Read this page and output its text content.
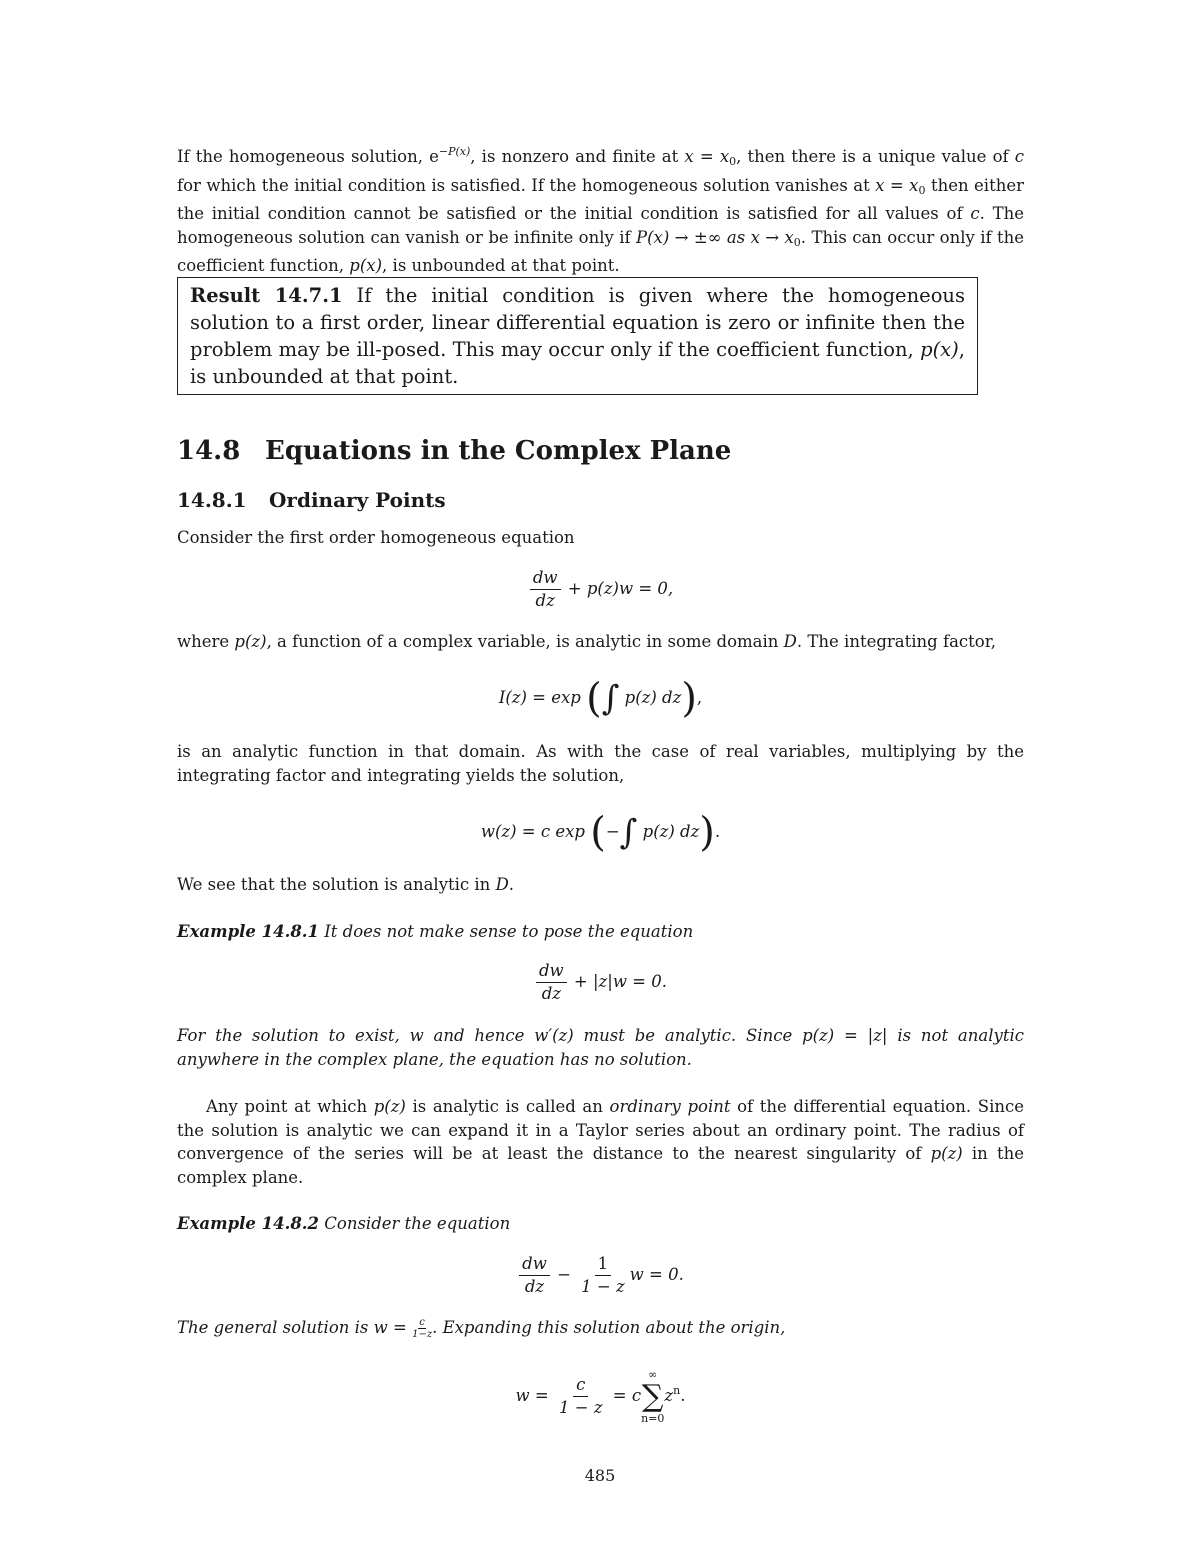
If the homogeneous solution, $e^{-P(x)}$, is nonzero and finite at $x = x_0$, then there is a unique value of c for which the initial condition is satisfied. If the homogeneous solution vanishes at $x = x_0$ then either the initial condition cannot be satisfied or the initial condition is satisfied for all values of c. The homogeneous solution can vanish or be infinite only if P(x) → ±∞ as $x \to x_0$. This can occur only if the coefficient function, p(x), is unbounded at that point.

Result 14.7.1 If the initial condition is given where the homogeneous solution to a first order, linear differential equation is zero or infinite then the problem may be ill-posed. This may occur only if the coefficient function, p(x), is unbounded at that point.
14.8 Equations in the Complex Plane
14.8.1 Ordinary Points

Consider the first order homogeneous equation

$\frac{dw}{dz} + p(z)w = 0$,

where p(z), a function of a complex variable, is analytic in some domain D. The integrating factor,

I(z) = exp (∫ p(z) dz),

is an analytic function in that domain. As with the case of real variables, multiplying by the integrating factor and integrating yields the solution,

w(z) = c exp (−∫ p(z) dz).

We see that the solution is analytic in D.

Example 14.8.1 It does not make sense to pose the equation

$\frac{dw}{dz} + |z|w = 0$.

For the solution to exist, w and hence w′(z) must be analytic. Since p(z) = |z| is not analytic anywhere in the complex plane, the equation has no solution.

Any point at which p(z) is analytic is called an ordinary point of the differential equation. Since the solution is analytic we can expand it in a Taylor series about an ordinary point. The radius of convergence of the series will be at least the distance to the nearest singularity of p(z) in the complex plane.

Example 14.8.2 Consider the equation

$\frac{dw}{dz} - \frac{1}{1 - z}$ w = 0.

The general solution is $w = \frac{c}{1-z}$ . Expanding this solution about the origin,

$w = \frac{c}{1 - z} = c$
∞
∑
n=0
$z^n$.
485
